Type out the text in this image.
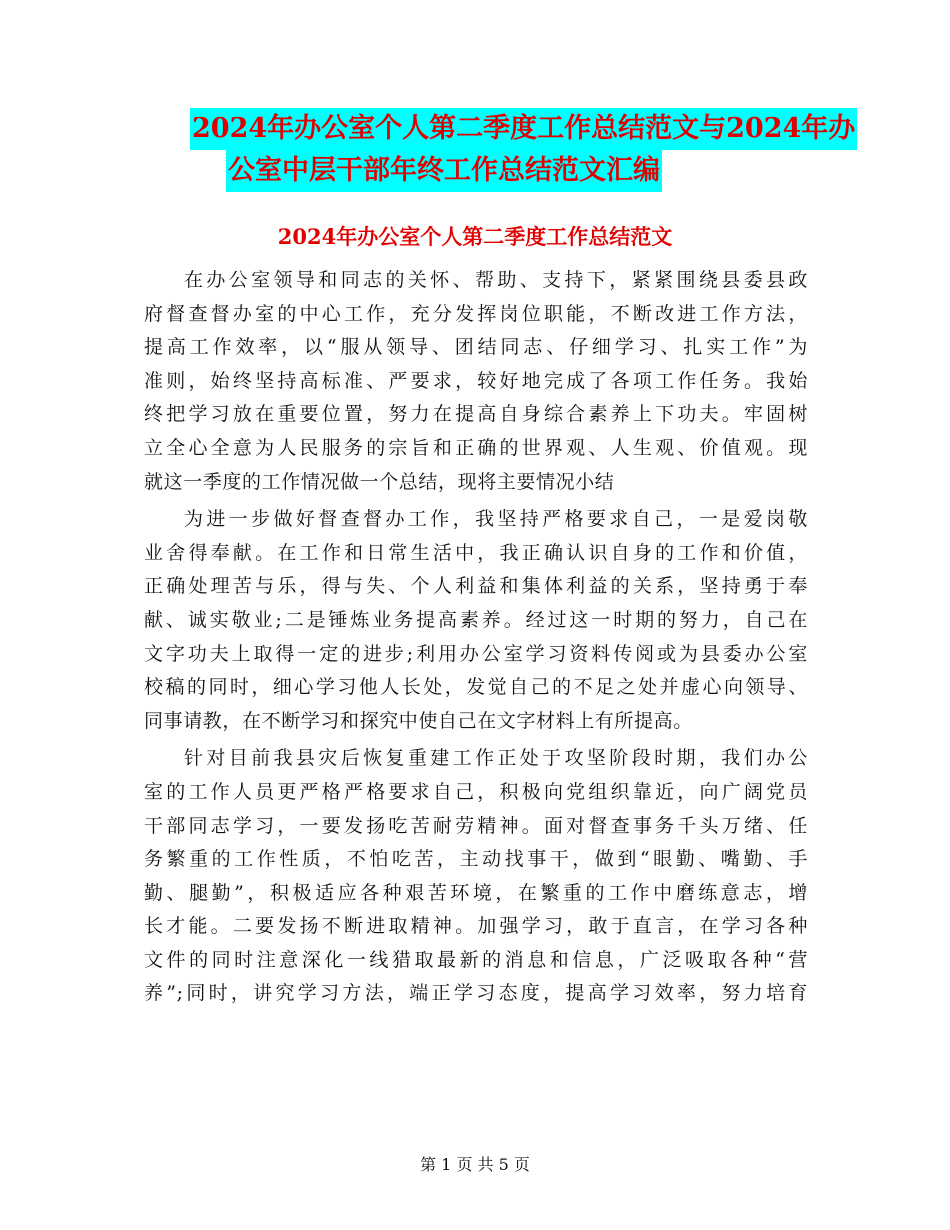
2024年办公室个人第二季度工作总结范文与2024年办
公室中层干部年终工作总结范文汇编
2024年办公室个人第二季度工作总结范文
在办公室领导和同志的关怀、帮助、支持下，紧紧围绕县委县政
府督查督办室的中心工作，充分发挥岗位职能，不断改进工作方法，
提高工作效率，以“服从领导、团结同志、仔细学习、扎实工作”为
准则，始终坚持高标准、严要求，较好地完成了各项工作任务。我始
终把学习放在重要位置，努力在提高自身综合素养上下功夫。牢固树
立全心全意为人民服务的宗旨和正确的世界观、人生观、价值观。现
就这一季度的工作情况做一个总结，现将主要情况小结
为进一步做好督查督办工作，我坚持严格要求自己，一是爱岗敬
业舍得奉献。在工作和日常生活中，我正确认识自身的工作和价值，
正确处理苦与乐，得与失、个人利益和集体利益的关系，坚持勇于奉
献、诚实敬业;二是锤炼业务提高素养。经过这一时期的努力，自己在
文字功夫上取得一定的进步;利用办公室学习资料传阅或为县委办公室
校稿的同时，细心学习他人长处，发觉自己的不足之处并虚心向领导、
同事请教，在不断学习和探究中使自己在文字材料上有所提高。
针对目前我县灾后恢复重建工作正处于攻坚阶段时期，我们办公
室的工作人员更严格严格要求自己，积极向党组织靠近，向广阔党员
干部同志学习，一要发扬吃苦耐劳精神。面对督查事务千头万绪、任
务繁重的工作性质，不怕吃苦，主动找事干，做到“眼勤、嘴勤、手
勤、腿勤”，积极适应各种艰苦环境，在繁重的工作中磨练意志，增
长才能。二要发扬不断进取精神。加强学习，敢于直言，在学习各种
文件的同时注意深化一线猎取最新的消息和信息，广泛吸取各种“营
养”;同时，讲究学习方法，端正学习态度，提高学习效率，努力培育
第 1 页 共 5 页
